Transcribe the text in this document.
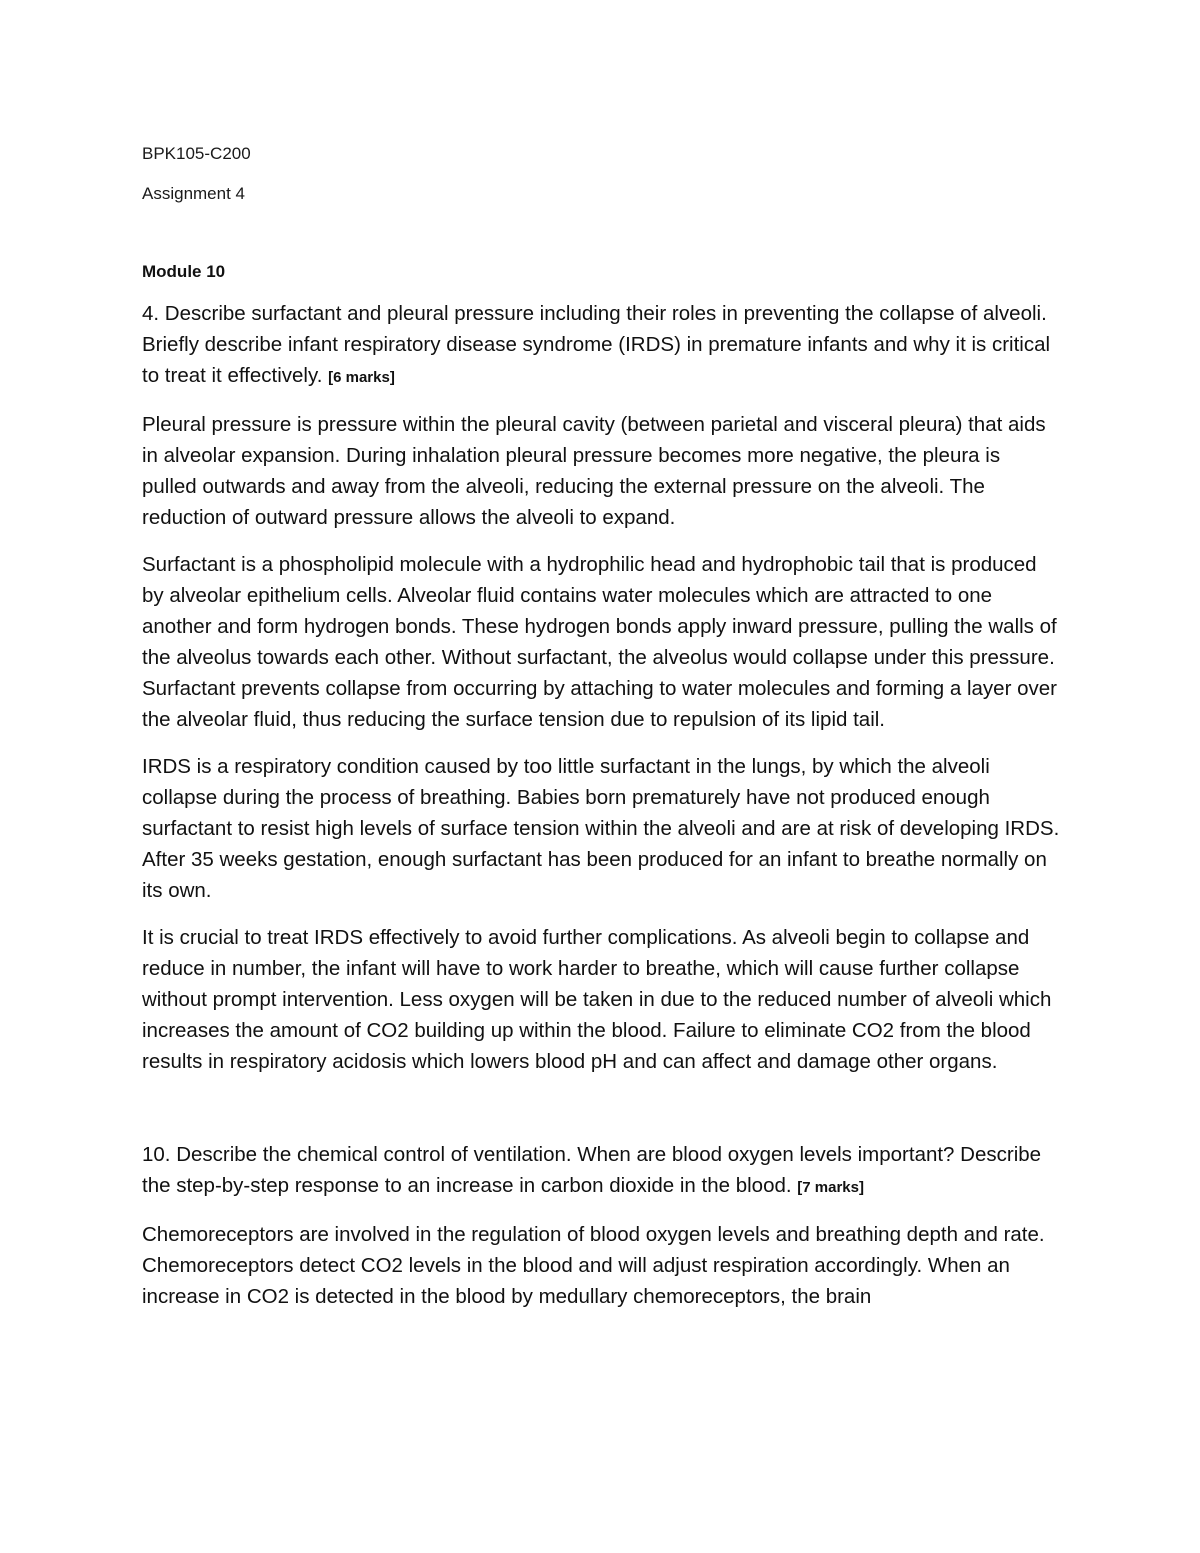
BPK105-C200

Assignment 4

Module 10

4. Describe surfactant and pleural pressure including their roles in preventing the collapse of alveoli. Briefly describe infant respiratory disease syndrome (IRDS) in premature infants and why it is critical to treat it effectively. [6 marks]

Pleural pressure is pressure within the pleural cavity (between parietal and visceral pleura) that aids in alveolar expansion. During inhalation pleural pressure becomes more negative, the pleura is pulled outwards and away from the alveoli, reducing the external pressure on the alveoli. The reduction of outward pressure allows the alveoli to expand.

Surfactant is a phospholipid molecule with a hydrophilic head and hydrophobic tail that is produced by alveolar epithelium cells. Alveolar fluid contains water molecules which are attracted to one another and form hydrogen bonds. These hydrogen bonds apply inward pressure, pulling the walls of the alveolus towards each other. Without surfactant, the alveolus would collapse under this pressure. Surfactant prevents collapse from occurring by attaching to water molecules and forming a layer over the alveolar fluid, thus reducing the surface tension due to repulsion of its lipid tail.

IRDS is a respiratory condition caused by too little surfactant in the lungs, by which the alveoli collapse during the process of breathing. Babies born prematurely have not produced enough surfactant to resist high levels of surface tension within the alveoli and are at risk of developing IRDS. After 35 weeks gestation, enough surfactant has been produced for an infant to breathe normally on its own.

It is crucial to treat IRDS effectively to avoid further complications. As alveoli begin to collapse and reduce in number, the infant will have to work harder to breathe, which will cause further collapse without prompt intervention. Less oxygen will be taken in due to the reduced number of alveoli which increases the amount of CO2 building up within the blood. Failure to eliminate CO2 from the blood results in respiratory acidosis which lowers blood pH and can affect and damage other organs.

10. Describe the chemical control of ventilation. When are blood oxygen levels important? Describe the step-by-step response to an increase in carbon dioxide in the blood. [7 marks]

Chemoreceptors are involved in the regulation of blood oxygen levels and breathing depth and rate. Chemoreceptors detect CO2 levels in the blood and will adjust respiration accordingly. When an increase in CO2 is detected in the blood by medullary chemoreceptors, the brain
